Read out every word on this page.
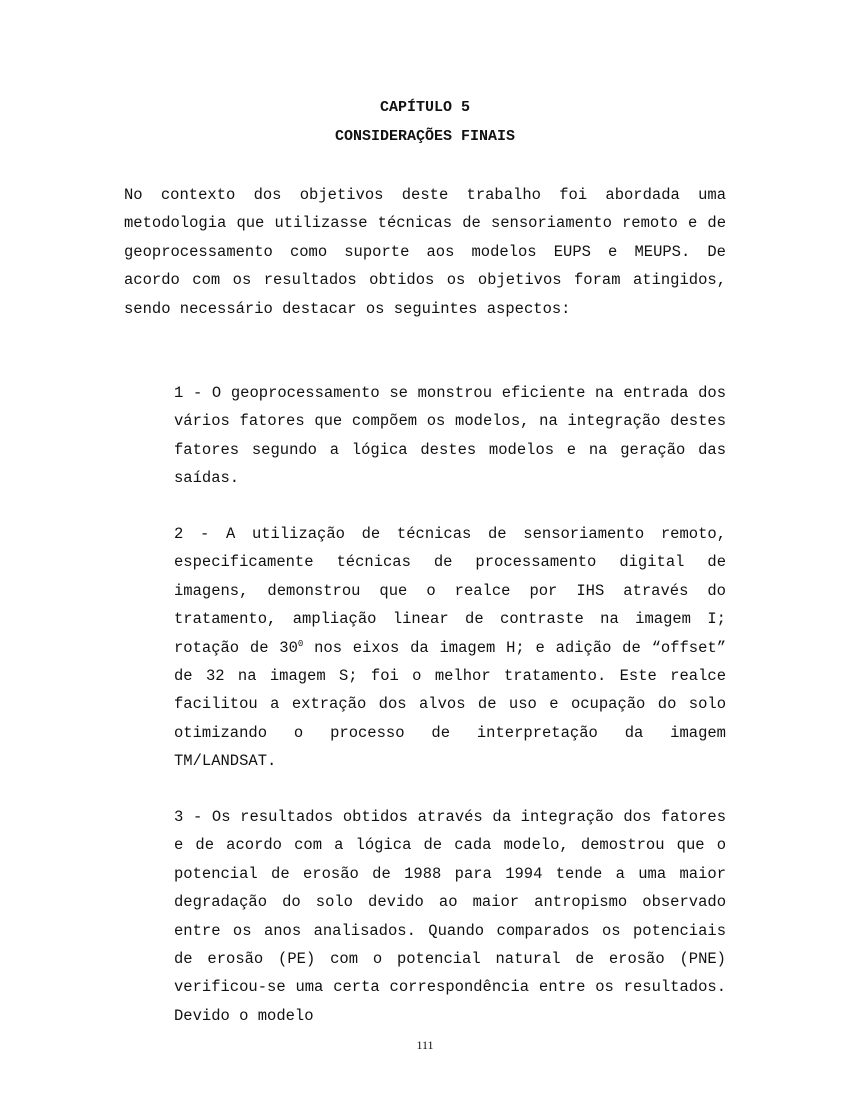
CAPÍTULO 5
CONSIDERAÇÕES FINAIS

No contexto dos objetivos deste trabalho foi abordada uma metodologia que utilizasse técnicas de sensoriamento remoto e de geoprocessamento como suporte aos modelos EUPS e MEUPS. De acordo com os resultados obtidos os objetivos foram atingidos, sendo necessário destacar os seguintes aspectos:

1 - O geoprocessamento se monstrou eficiente na entrada dos vários fatores que compõem os modelos, na integração destes fatores segundo a lógica destes modelos e na geração das saídas.

2 - A utilização de técnicas de sensoriamento remoto, especificamente técnicas de processamento digital de imagens, demonstrou que o realce por IHS através do tratamento, ampliação linear de contraste na imagem I; rotação de $30^0$ nos eixos da imagem H; e adição de “offset” de 32 na imagem S; foi o melhor tratamento. Este realce facilitou a extração dos alvos de uso e ocupação do solo otimizando o processo de interpretação da imagem TM/LANDSAT.

3 - Os resultados obtidos através da integração dos fatores e de acordo com a lógica de cada modelo, demostrou que o potencial de erosão de 1988 para 1994 tende a uma maior degradação do solo devido ao maior antropismo observado entre os anos analisados. Quando comparados os potenciais de erosão (PE) com o potencial natural de erosão (PNE) verificou-se uma certa correspondência entre os resultados. Devido o modelo

111
